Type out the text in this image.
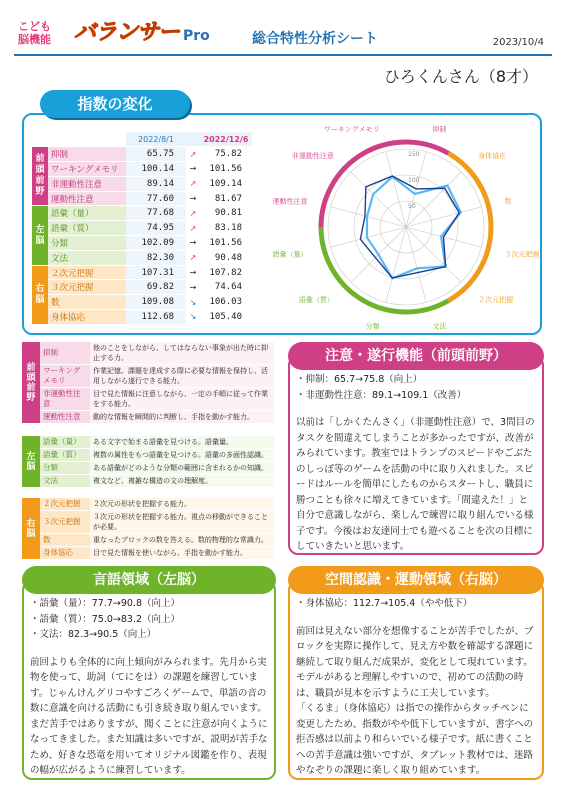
こども
脳機能 バランサー Pro	総合特性分析シート	2023/10/4
ひろくんさん（8才）
指数の変化
		2022/8/1		2022/12/6
前頭前野	抑制	65.75	↗	75.82
	ワーキングメモリ	100.14	→	101.56
	非運動性注意	89.14	↗	109.14
	運動性注意	77.60	→	81.67
左脳	語彙（量）	77.68	↗	90.81
	語彙（質）	74.95	↗	83.18
	分類	102.09	→	101.56
	文法	82.30	↗	90.48
右脳	２次元把握	107.31	→	107.82
	３次元把握	69.82	→	74.64
	数	109.08	↘	106.03
	身体協応	112.68	↘	105.40
50
100
150
ワーキングメモリ	抑制
身体協応
数
３次元把握
２次元把握
文法
分類
語彙（質）
語彙（量）
運動性注意
非運動性注意
前頭前野	抑制	他のことをしながら、してはならない事象が出た時に抑止する力。
	ワーキングメモリ	作業記憶。課題を達成する際に必要な情報を保持し、活用しながら遂行できる能力。
	非運動性注意	目で見た情報に注意しながら、一定の手順に従って作業をする能力。
	運動性注意	動的な情報を瞬間的に判断し、手指を動かす能力。
左脳	語彙（量）	ある文字で始まる語彙を見つける。語彙量。
	語彙（質）	複数の属性をもつ語彙を見つける。語彙の多面性認識。
	分類	ある語彙がどのような分類の範囲に含まれるかの知識。
	文法	複文など、複雑な構造の文の理解度。
右脳	２次元把握	２次元の形状を把握する能力。
	３次元把握	３次元の形状を把握する能力。視点の移動ができることが必要。
	数	重なったブロックの数を答える。数的物理的な常識力。
	身体協応	目で見た情報を使いながら、手指を動かす能力。
注意・遂行機能（前頭前野）

・抑制：65.7→75.8（向上）

・非運動性注意：89.1→109.1（改善）

以前は「しかくたんさく」（非運動性注意）で、3問目の

タスクを間違えてしまうことが多かったですが、改善が

みられています。教室ではトランプのスピードやごぶた

のしっぽ等のゲームを活動の中に取り入れました。スピ

ードはルールを簡単にしたものからスタートし、職員に

勝つことも徐々に増えてきています。「間違えた！」と

自分で意識しながら、楽しんで練習に取り組んでいる様

子です。今後はお友達同士でも遊べることを次の目標に

していきたいと思います。

言語領域（左脳）

・語彙（量）：77.7→90.8（向上）

・語彙（質）：75.0→83.2（向上）

・文法：82.3→90.5（向上）

前回よりも全体的に向上傾向がみられます。先月から実

物を使って、助詞（てにをは）の課題を練習していま

す。じゃんけんグリコやすごろくゲームで、単語の音の

数に意識を向ける活動にも引き続き取り組んでいます。

まだ苦手ではありますが、聞くことに注意が向くように

なってきました。また知識は多いですが、説明が苦手な

ため、好きな恐竜を用いてオリジナル図鑑を作り、表現

の幅が広がるように練習しています。

空間認識・運動領域（右脳）

・身体協応：112.7→105.4（やや低下）

前回は見えない部分を想像することが苦手でしたが、ブ

ロックを実際に操作して、見え方や数を確認する課題に

継続して取り組んだ成果が、変化として現れています。

モデルがあると理解しやすいので、初めての活動の時

は、職員が見本を示すように工夫しています。

「くるま」（身体協応）は指での操作からタッチペンに

変更したため、指数がやや低下していますが、書字への

拒否感は以前より和らいでいる様子です。紙に書くこと

への苦手意識は強いですが、タブレット教材では、迷路

やなぞりの課題に楽しく取り組めています。
